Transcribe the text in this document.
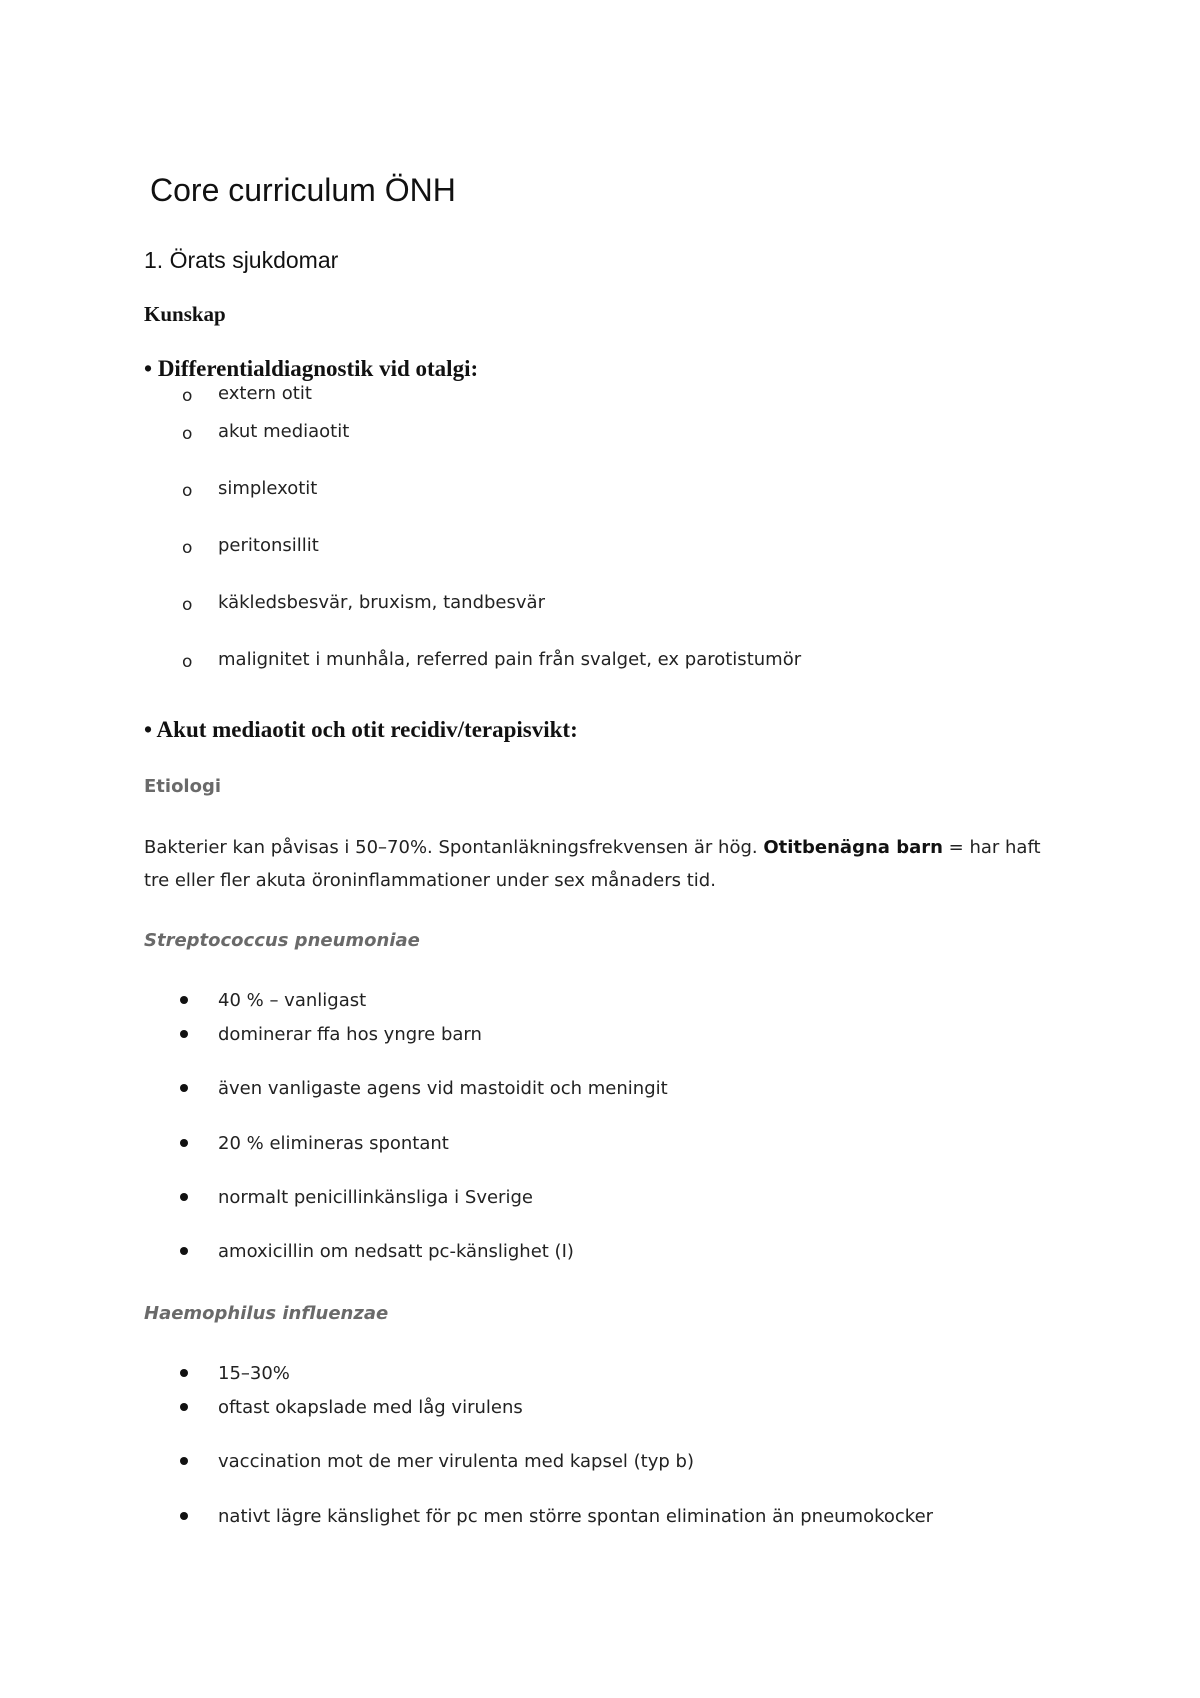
Core curriculum ÖNH
1. Örats sjukdomar
Kunskap
• Differentialdiagnostik vid otalgi:
o extern otit
o akut mediaotit
o simplexotit
o peritonsillit
o käkledsbesvär, bruxism, tandbesvär
o malignitet i munhåla, referred pain från svalget, ex parotistumör
• Akut mediaotit och otit recidiv/terapisvikt:
Etiologi
Bakterier kan påvisas i 50–70%. Spontanläkningsfrekvensen är hög. Otitbenägna barn = har haft
tre eller fler akuta öroninflammationer under sex månaders tid.
Streptococcus pneumoniae
40 % – vanligast
dominerar ffa hos yngre barn
även vanligaste agens vid mastoidit och meningit
20 % elimineras spontant
normalt penicillinkänsliga i Sverige
amoxicillin om nedsatt pc-känslighet (I)
Haemophilus influenzae
15–30%
oftast okapslade med låg virulens
vaccination mot de mer virulenta med kapsel (typ b)
nativt lägre känslighet för pc men större spontan elimination än pneumokocker
